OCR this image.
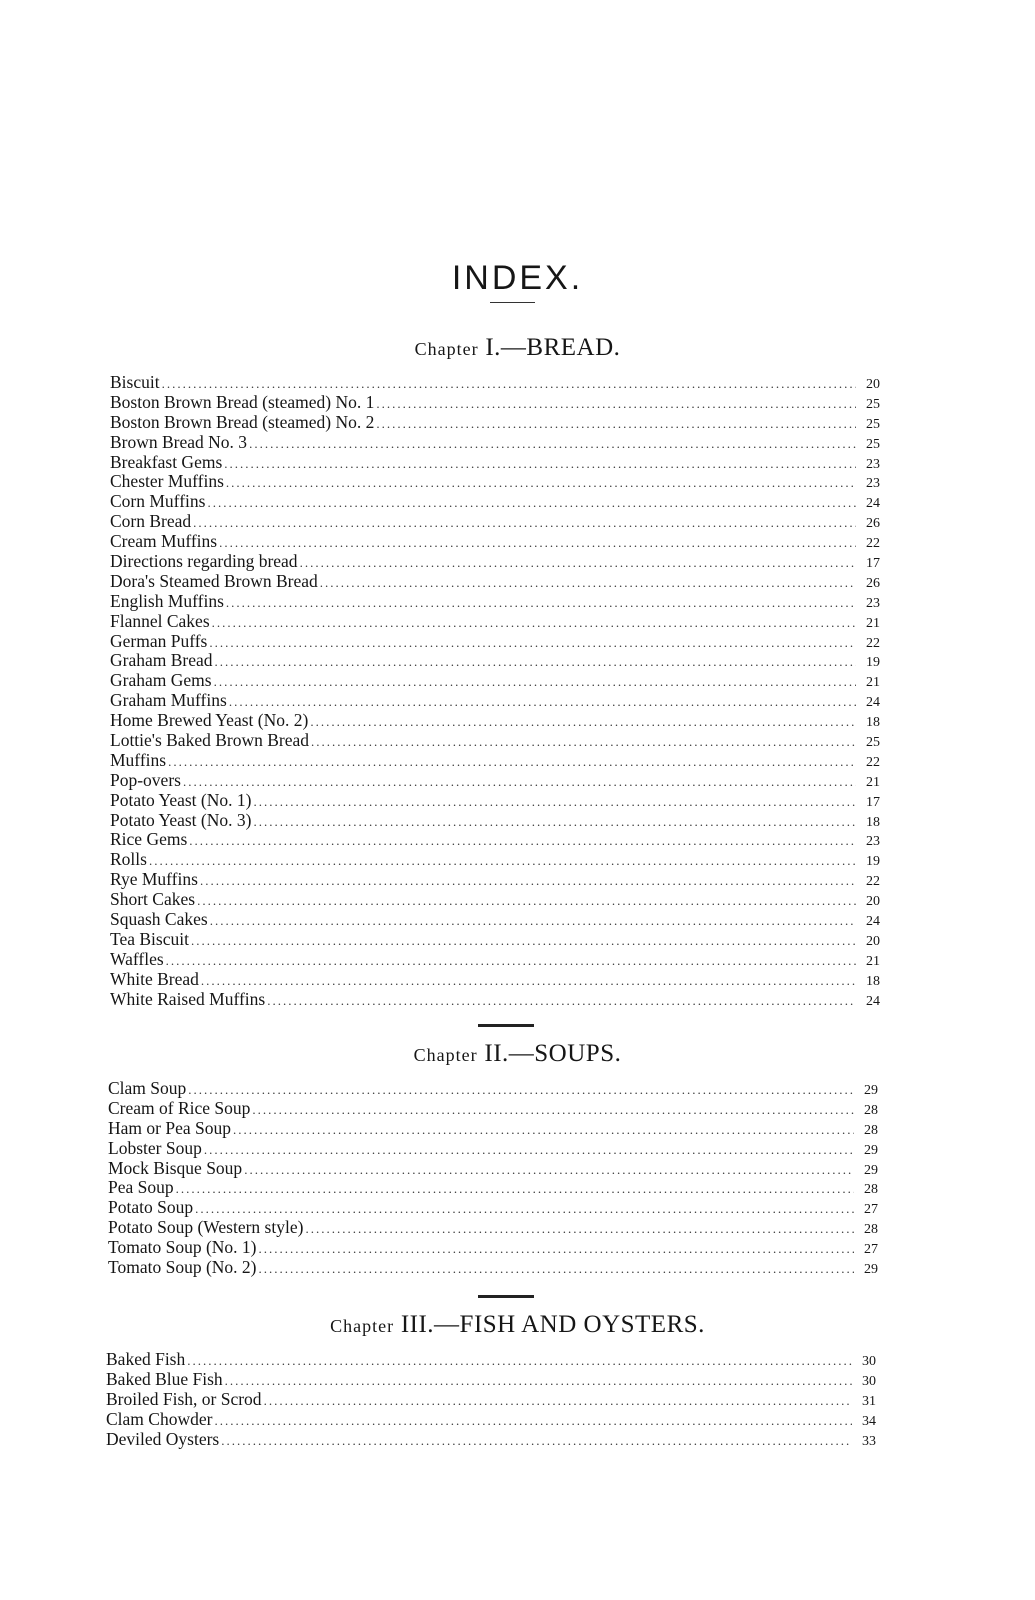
INDEX.
Chapter I.—BREAD.
Biscuit .....	20
Boston Brown Bread (steamed) No. 1 .....	25
Boston Brown Bread (steamed) No. 2 .....	25
Brown Bread No. 3 .....	25
Breakfast Gems .....	23
Chester Muffins .....	23
Corn Muffins .....	24
Corn Bread .....	26
Cream Muffins .....	22
Directions regarding bread .....	17
Dora's Steamed Brown Bread .....	26
English Muffins .....	23
Flannel Cakes .....	21
German Puffs .....	22
Graham Bread .....	19
Graham Gems .....	21
Graham Muffins .....	24
Home Brewed Yeast (No. 2) .....	18
Lottie's Baked Brown Bread .....	25
Muffins .....	22
Pop-overs .....	21
Potato Yeast (No. 1) .....	17
Potato Yeast (No. 3) .....	18
Rice Gems .....	23
Rolls .....	19
Rye Muffins .....	22
Short Cakes .....	20
Squash Cakes .....	24
Tea Biscuit .....	20
Waffles .....	21
White Bread .....	18
White Raised Muffins .....	24
Chapter II.—SOUPS.
Clam Soup .....	29
Cream of Rice Soup .....	28
Ham or Pea Soup .....	28
Lobster Soup .....	29
Mock Bisque Soup .....	29
Pea Soup .....	28
Potato Soup .....	27
Potato Soup (Western style) .....	28
Tomato Soup (No. 1) .....	27
Tomato Soup (No. 2) .....	29
Chapter III.—FISH AND OYSTERS.
Baked Fish .....	30
Baked Blue Fish .....	30
Broiled Fish, or Scrod .....	31
Clam Chowder .....	34
Deviled Oysters .....	33
